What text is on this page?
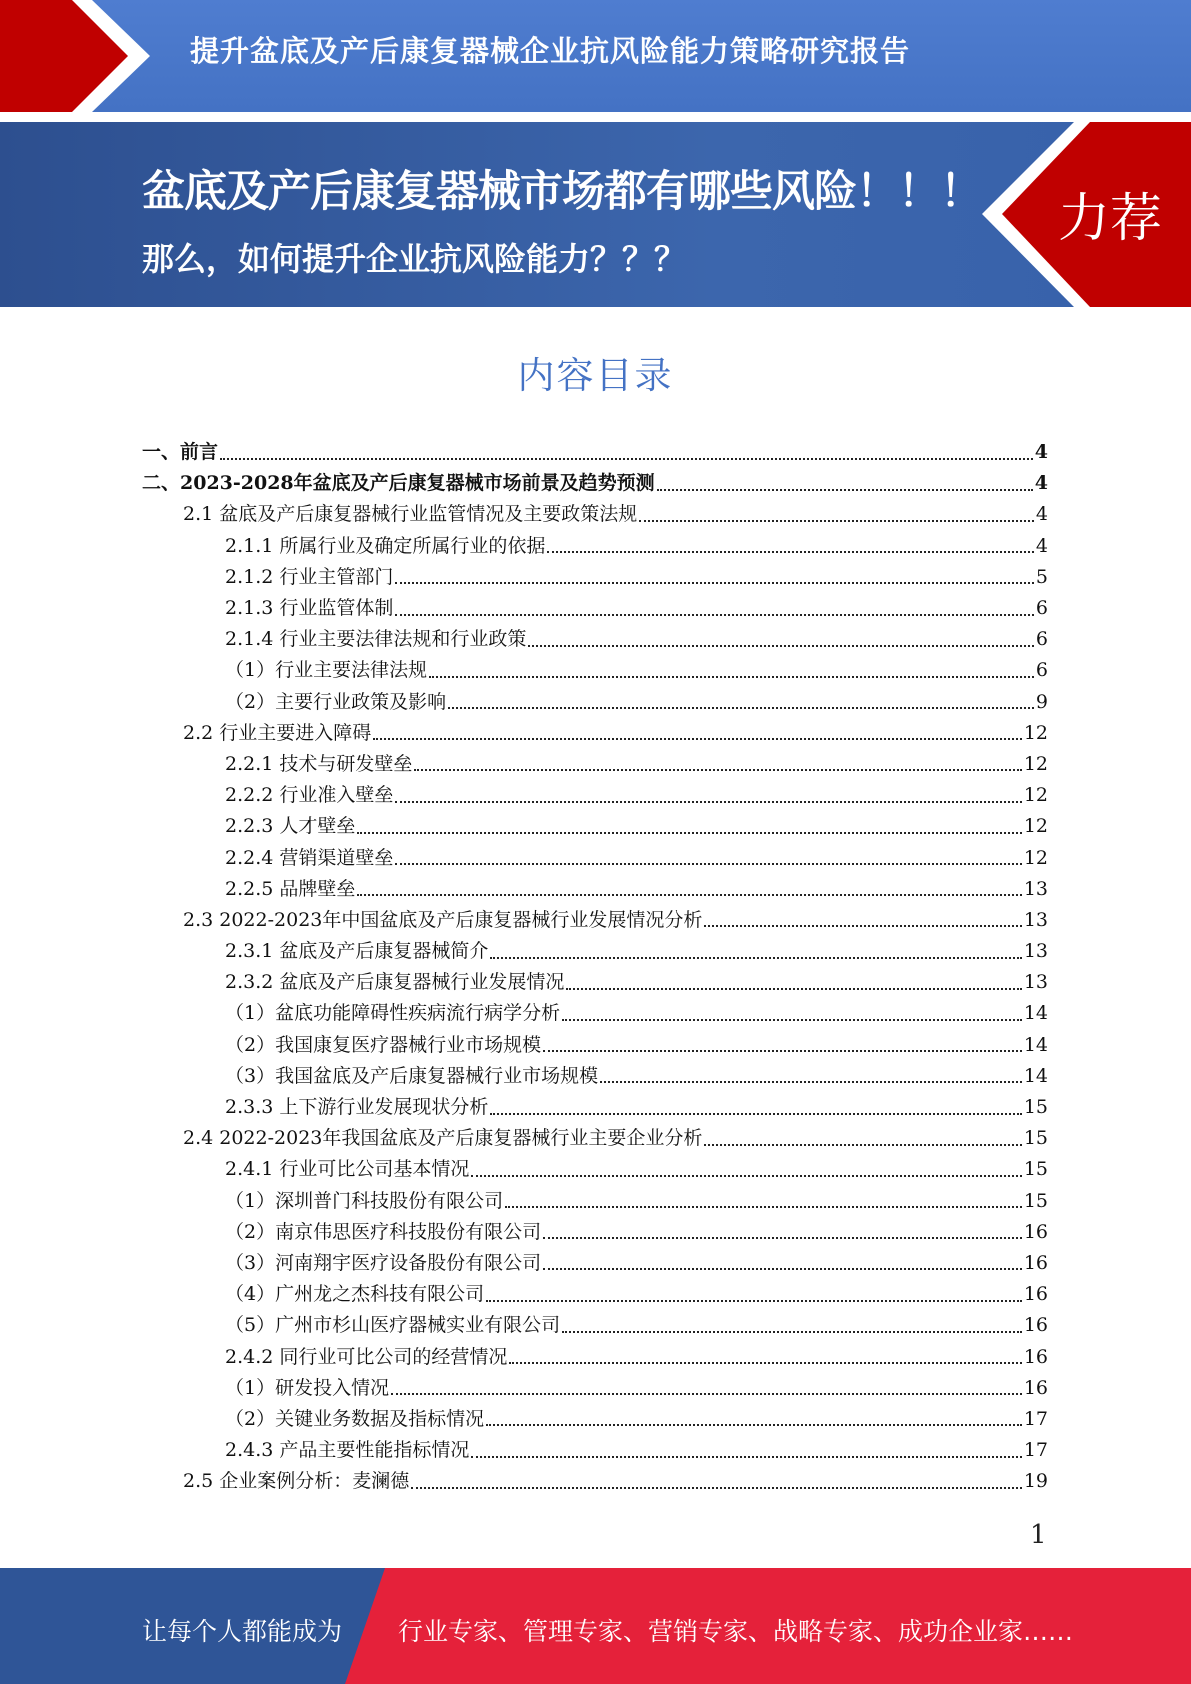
提升盆底及产后康复器械企业抗风险能力策略研究报告
盆底及产后康复器械市场都有哪些风险！！！
那么，如何提升企业抗风险能力？？？
力荐
内容目录
一、前言	4
二、2023-2028年盆底及产后康复器械市场前景及趋势预测	4
2.1 盆底及产后康复器械行业监管情况及主要政策法规	4
2.1.1 所属行业及确定所属行业的依据	4
2.1.2 行业主管部门	5
2.1.3 行业监管体制	6
2.1.4 行业主要法律法规和行业政策	6
（1）行业主要法律法规	6
（2）主要行业政策及影响	9
2.2 行业主要进入障碍	12
2.2.1 技术与研发壁垒	12
2.2.2 行业准入壁垒	12
2.2.3 人才壁垒	12
2.2.4 营销渠道壁垒	12
2.2.5 品牌壁垒	13
2.3 2022-2023年中国盆底及产后康复器械行业发展情况分析	13
2.3.1 盆底及产后康复器械简介	13
2.3.2 盆底及产后康复器械行业发展情况	13
（1）盆底功能障碍性疾病流行病学分析	14
（2）我国康复医疗器械行业市场规模	14
（3）我国盆底及产后康复器械行业市场规模	14
2.3.3 上下游行业发展现状分析	15
2.4 2022-2023年我国盆底及产后康复器械行业主要企业分析	15
2.4.1 行业可比公司基本情况	15
（1）深圳普门科技股份有限公司	15
（2）南京伟思医疗科技股份有限公司	16
（3）河南翔宇医疗设备股份有限公司	16
（4）广州龙之杰科技有限公司	16
（5）广州市杉山医疗器械实业有限公司	16
2.4.2 同行业可比公司的经营情况	16
（1）研发投入情况	16
（2）关键业务数据及指标情况	17
2.4.3 产品主要性能指标情况	17
2.5 企业案例分析：麦澜德	19
1
让每个人都能成为 行业专家、管理专家、营销专家、战略专家、成功企业家……
